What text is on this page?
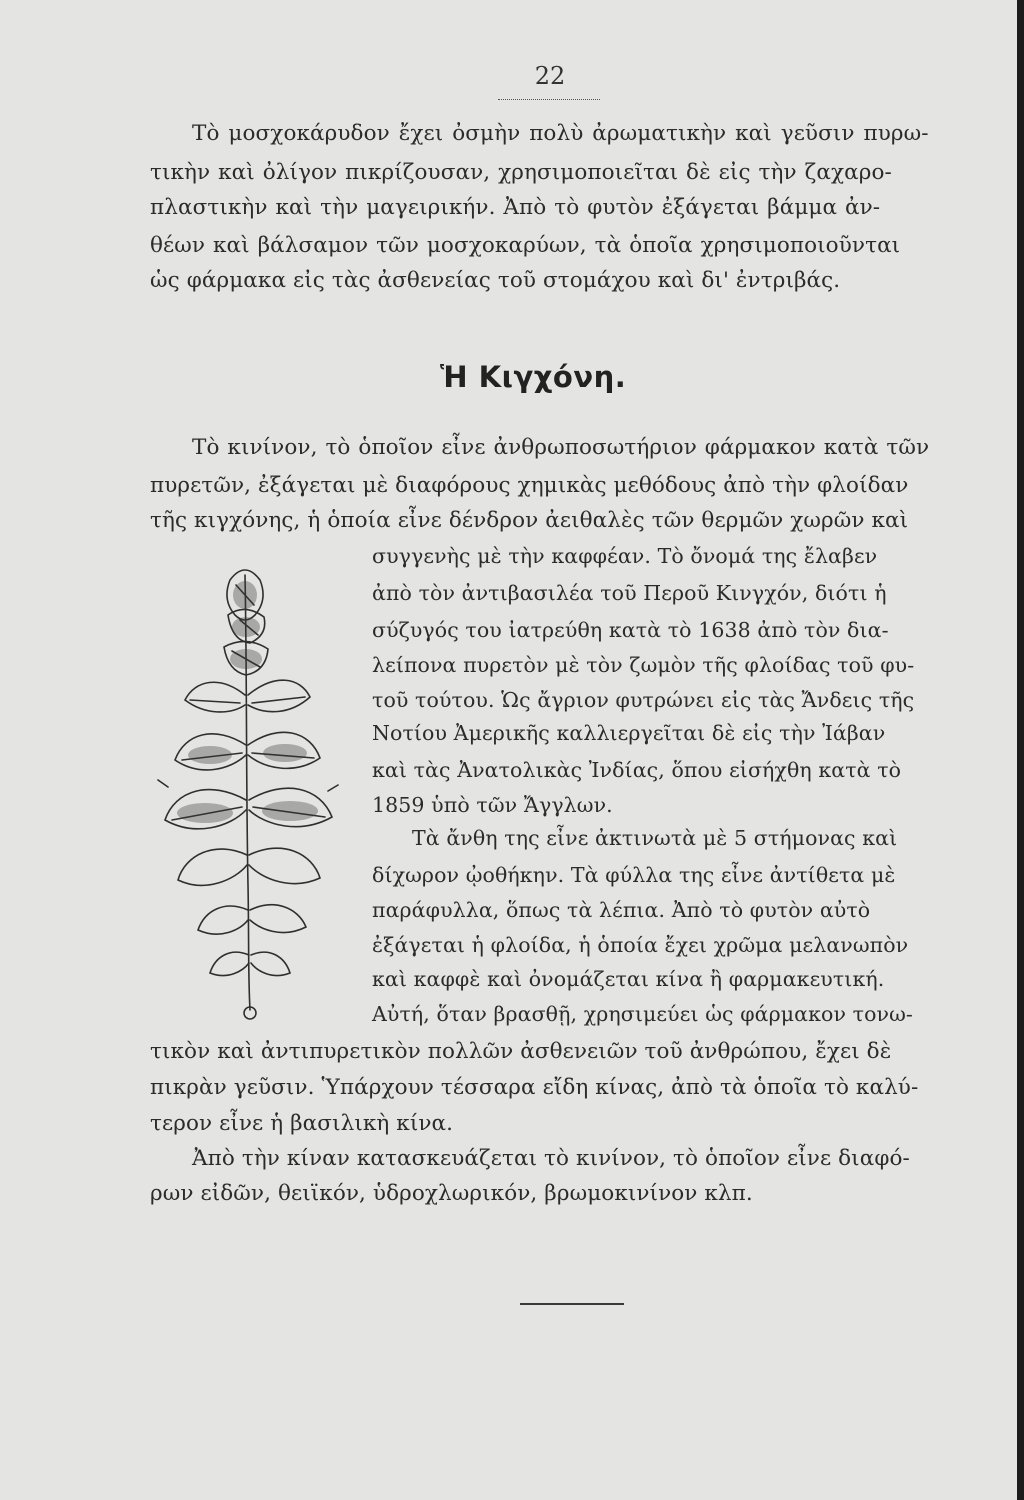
22
Τὸ μοσχοκάρυδον ἔχει ὀσμὴν πολὺ ἀρωματικὴν καὶ γεῦσιν πυρω-
τικὴν καὶ ὀλίγον πικρίζουσαν, χρησιμοποιεῖται δὲ εἰς τὴν ζαχαρο-
πλαστικὴν καὶ τὴν μαγειρικήν. Ἀπὸ τὸ φυτὸν ἐξάγεται βάμμα ἀν-
θέων καὶ βάλσαμον τῶν μοσχοκαρύων, τὰ ὁποῖα χρησιμοποιοῦνται
ὡς φάρμακα εἰς τὰς ἀσθενείας τοῦ στομάχου καὶ δι' ἐντριβάς.
Ἡ Κιγχόνη.
Τὸ κινίνον, τὸ ὁποῖον εἶνε ἀνθρωποσωτήριον φάρμακον κατὰ τῶν
πυρετῶν, ἐξάγεται μὲ διαφόρους χημικὰς μεθόδους ἀπὸ τὴν φλοίδαν
τῆς κιγχόνης, ἡ ὁποία εἶνε δένδρον ἀειθαλὲς τῶν θερμῶν χωρῶν καὶ
συγγενὴς μὲ τὴν καφφέαν. Τὸ ὄνομά της ἔλαβεν
ἀπὸ τὸν ἀντιβασιλέα τοῦ Περοῦ Κινγχόν, διότι ἡ
σύζυγός του ἰατρεύθη κατὰ τὸ 1638 ἀπὸ τὸν δια-
λείπονα πυρετὸν μὲ τὸν ζωμὸν τῆς φλοίδας τοῦ φυ-
τοῦ τούτου. Ὡς ἄγριον φυτρώνει εἰς τὰς Ἄνδεις τῆς
Νοτίου Ἀμερικῆς καλλιεργεῖται δὲ εἰς τὴν Ἰάβαν
καὶ τὰς Ἀνατολικὰς Ἰνδίας, ὅπου εἰσήχθη κατὰ τὸ
1859 ὑπὸ τῶν Ἄγγλων.
Τὰ ἄνθη της εἶνε ἀκτινωτὰ μὲ 5 στήμονας καὶ
δίχωρον ᾠοθήκην. Τὰ φύλλα της εἶνε ἀντίθετα μὲ
παράφυλλα, ὅπως τὰ λέπια. Ἀπὸ τὸ φυτὸν αὐτὸ
ἐξάγεται ἡ φλοίδα, ἡ ὁποία ἔχει χρῶμα μελανωπὸν
καὶ καφφὲ καὶ ὀνομάζεται κίνα ἢ φαρμακευτική.
Αὐτή, ὅταν βρασθῇ, χρησιμεύει ὡς φάρμακον τονω-
τικὸν καὶ ἀντιπυρετικὸν πολλῶν ἀσθενειῶν τοῦ ἀνθρώπου, ἔχει δὲ
πικρὰν γεῦσιν. Ὑπάρχουν τέσσαρα εἴδη κίνας, ἀπὸ τὰ ὁποῖα τὸ καλύ-
τερον εἶνε ἡ βασιλικὴ κίνα.
Ἀπὸ τὴν κίναν κατασκευάζεται τὸ κινίνον, τὸ ὁποῖον εἶνε διαφό-
ρων εἰδῶν, θειϊκόν, ὑδροχλωρικόν, βρωμοκινίνον κλπ.
